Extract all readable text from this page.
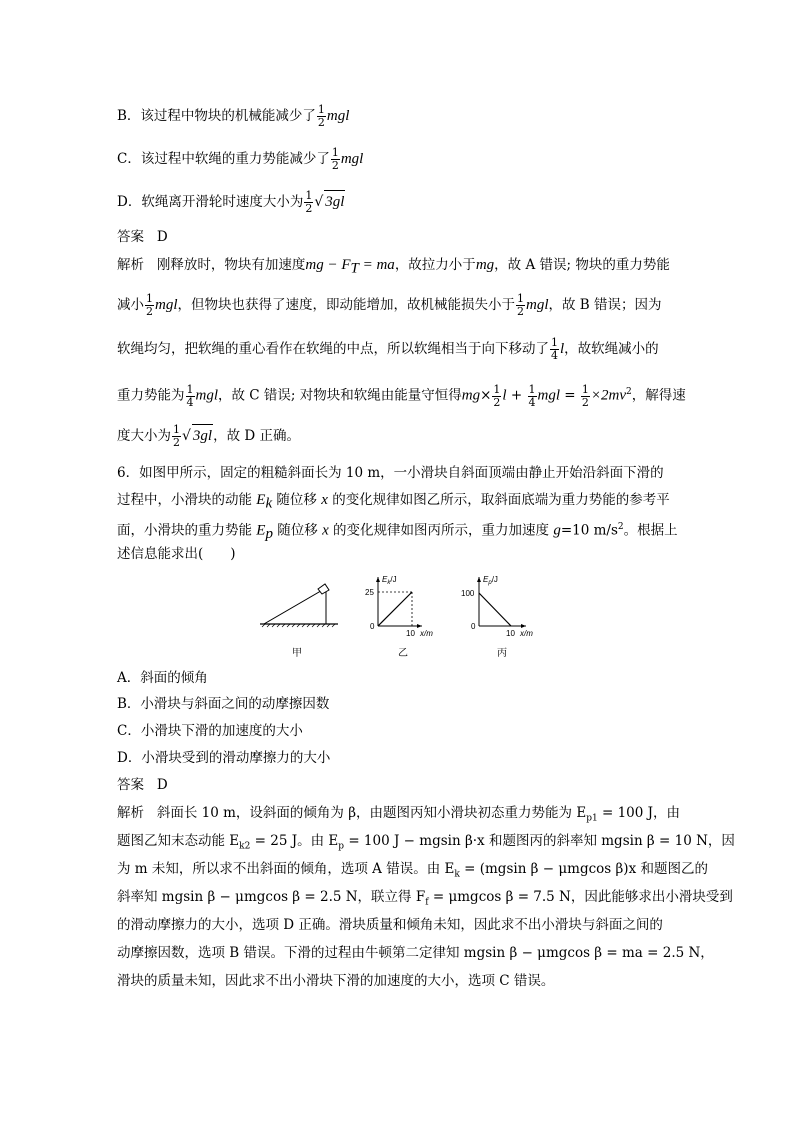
B．该过程中物块的机械能减少了 $\frac{1}{2}$ mgl
C．该过程中软绳的重力势能减少了 $\frac{1}{2}$ mgl
D．软绳离开滑轮时速度大小为 $\frac{1}{2}$ √ 3gl
答案 D
解析 刚释放时，物块有加速度mg − $F_T$ = ma，故拉力小于mg，故 A 错误; 物块的重力势能
减小 $\frac{1}{2}$ mgl，但物块也获得了速度，即动能增加，故机械能损失小于 $\frac{1}{2}$ mgl，故 B 错误；因为
软绳均匀，把软绳的重心看作在软绳的中点，所以软绳相当于向下移动了 $\frac{1}{4}$ l，故软绳减小的
重力势能为 $\frac{1}{4}$ mgl，故 C 错误; 对物块和软绳由能量守恒得$mg\times \frac{1}{2}$ $l + \frac{1}{4}$ mgl = $\frac{1}{2} \times 2mv^2$，解得速
度大小为 $\frac{1}{2}$ √ 3gl，故 D 正确。
6．如图甲所示，固定的粗糙斜面长为 10 m，一小滑块自斜面顶端由静止开始沿斜面下滑的
过程中，小滑块的动能 $E_k$ 随位移 x 的变化规律如图乙所示，取斜面底端为重力势能的参考平
面，小滑块的重力势能 $E_p$ 随位移 x 的变化规律如图丙所示，重力加速度 g=10 $m/s^2$。根据上
述信息能求出(　　)
甲
$E_k/J$
25
0
10 x/m
乙
$E_p/J$
100
0
10 x/m
丙
A．斜面的倾角
B．小滑块与斜面之间的动摩擦因数
C．小滑块下滑的加速度的大小
D．小滑块受到的滑动摩擦力的大小
答案 D
解析 斜面长 10 m，设斜面的倾角为 β，由题图丙知小滑块初态重力势能为 $E_{p1} = 100$ J，由
题图乙知末态动能 $E_{k2} = 25$ J。由 $E_p = 100$ J − mgsin β·x 和题图丙的斜率知 mgsin β = 10 N，因
为 m 未知，所以求不出斜面的倾角，选项 A 错误。由 $E_k = (mgsin$ β − μmgcos β)x 和题图乙的
斜率知 mgsin β − μmgcos β = 2.5 N，联立得 $F_f = \mu mgcos$ β = 7.5 N，因此能够求出小滑块受到
的滑动摩擦力的大小，选项 D 正确。滑块质量和倾角未知，因此求不出小滑块与斜面之间的
动摩擦因数，选项 B 错误。下滑的过程由牛顿第二定律知 mgsin β − μmgcos β = ma = 2.5 N，
滑块的质量未知，因此求不出小滑块下滑的加速度的大小，选项 C 错误。
